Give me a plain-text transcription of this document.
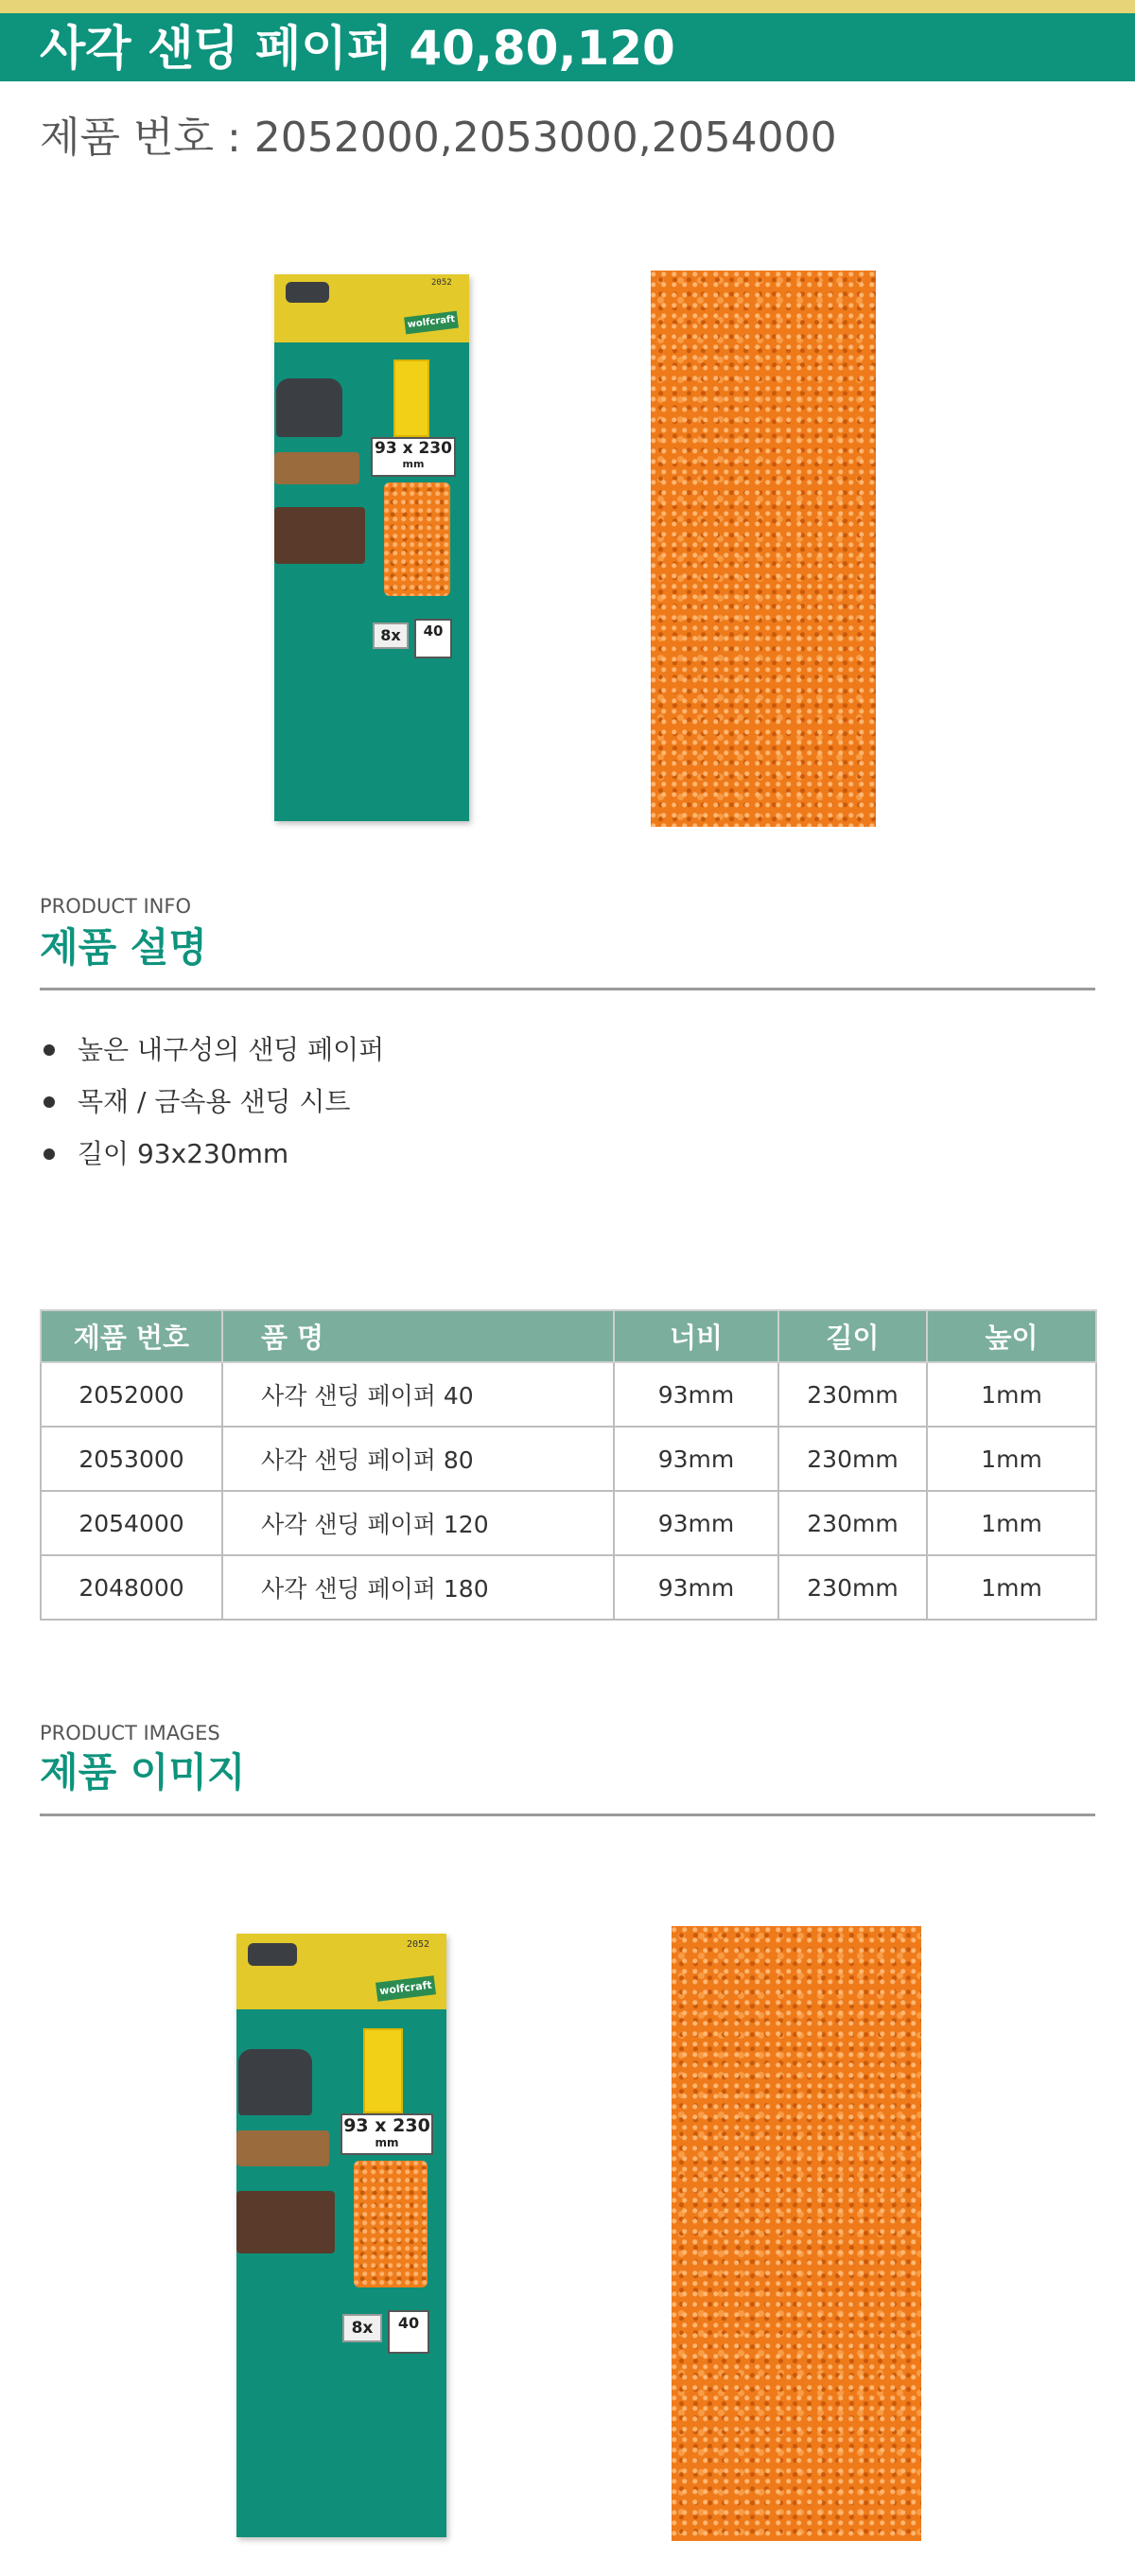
사각 샌딩 페이퍼 40,80,120
제품 번호 : 2052000,2053000,2054000
2052
wolfcraft
93 x 230
mm
8x	40
PRODUCT INFO
제품 설명
높은 내구성의 샌딩 페이퍼
목재 / 금속용 샌딩 시트
길이 93x230mm
제품 번호	품 명	너비	길이	높이
2052000	사각 샌딩 페이퍼 40	93mm	230mm	1mm
2053000	사각 샌딩 페이퍼 80	93mm	230mm	1mm
2054000	사각 샌딩 페이퍼 120	93mm	230mm	1mm
2048000	사각 샌딩 페이퍼 180	93mm	230mm	1mm
PRODUCT IMAGES
제품 이미지
2052
wolfcraft
93 x 230
mm
8x	40
